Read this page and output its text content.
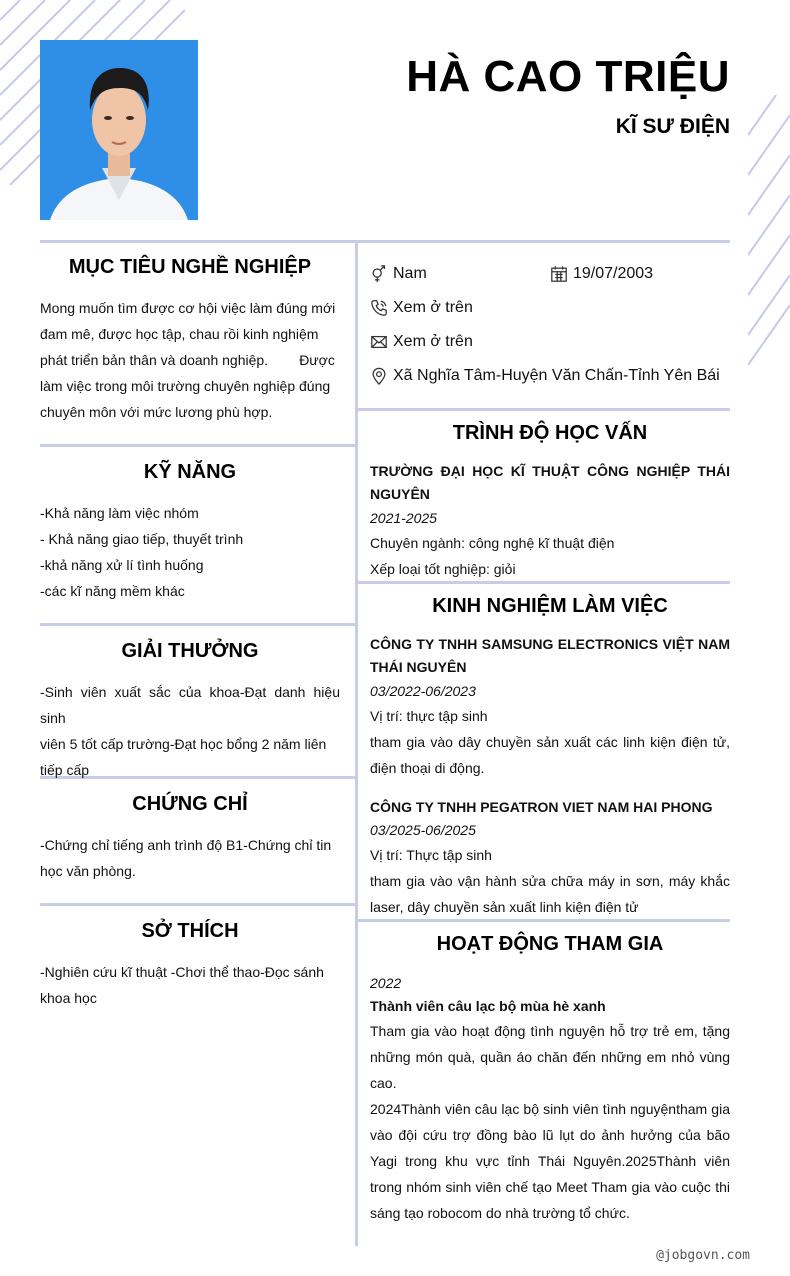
HÀ CAO TRIỆU
KĨ SƯ ĐIỆN
MỤC TIÊU NGHỀ NGHIỆP
Mong muốn tìm được cơ hội việc làm đúng mới
đam mê, được học tập, chau rồi kinh nghiệm
phát triển bản thân và doanh nghiệp.        Được
làm việc trong môi trường chuyên nghiệp đúng
chuyên môn với mức lương phù hợp.
KỸ NĂNG
-Khả năng làm việc nhóm
- Khả năng giao tiếp, thuyết trình
-khả năng xử lí tình huống
-các kĩ năng mềm khác
GIẢI THƯỞNG
-Sinh viên xuất sắc của khoa-Đạt danh hiệu sinh
viên 5 tốt cấp trường-Đạt học bổng 2 năm liên
tiếp cấp
CHỨNG CHỈ
-Chứng chỉ tiếng anh trình độ B1-Chứng chỉ tin
học văn phòng.
SỞ THÍCH
-Nghiên cứu kĩ thuật -Chơi thể thao-Đọc sánh
khoa học
Nam	19/07/2003
Xem ở trên
Xem ở trên
Xã Nghĩa Tâm-Huyện Văn Chấn-Tỉnh Yên Bái
TRÌNH ĐỘ HỌC VẤN
TRƯỜNG ĐẠI HỌC KĨ THUẬT CÔNG NGHIỆP THÁI
NGUYÊN
2021-2025
Chuyên ngành: công nghệ kĩ thuật điện
Xếp loại tốt nghiệp: giỏi
KINH NGHIỆM LÀM VIỆC
CÔNG TY TNHH SAMSUNG ELECTRONICS VIỆT NAM
THÁI NGUYÊN
03/2022-06/2023
Vị trí: thực tập sinh
tham gia vào dây chuyền sản xuất các linh kiện điện tử,
điện thoại di động.
CÔNG TY TNHH PEGATRON VIET NAM HAI PHONG
03/2025-06/2025
Vị trí: Thực tập sinh
tham gia vào vận hành sửa chữa máy in sơn, máy khắc
laser, dây chuyền sản xuất linh kiện điện tử
HOẠT ĐỘNG THAM GIA
2022
Thành viên câu lạc bộ mùa hè xanh
Tham gia vào hoạt động tình nguyện hỗ trợ trẻ em, tặng
những món quà, quần áo chăn đến những em nhỏ vùng
cao.
2024Thành viên câu lạc bộ sinh viên tình nguyệntham gia
vào đội cứu trợ đồng bào lũ lụt do ảnh hưởng của bão
Yagi trong khu vực tỉnh Thái Nguyên.2025Thành viên
trong nhóm sinh viên chế tạo Meet Tham gia vào cuộc thi
sáng tạo robocom do nhà trường tổ chức.
@jobgovn.com
